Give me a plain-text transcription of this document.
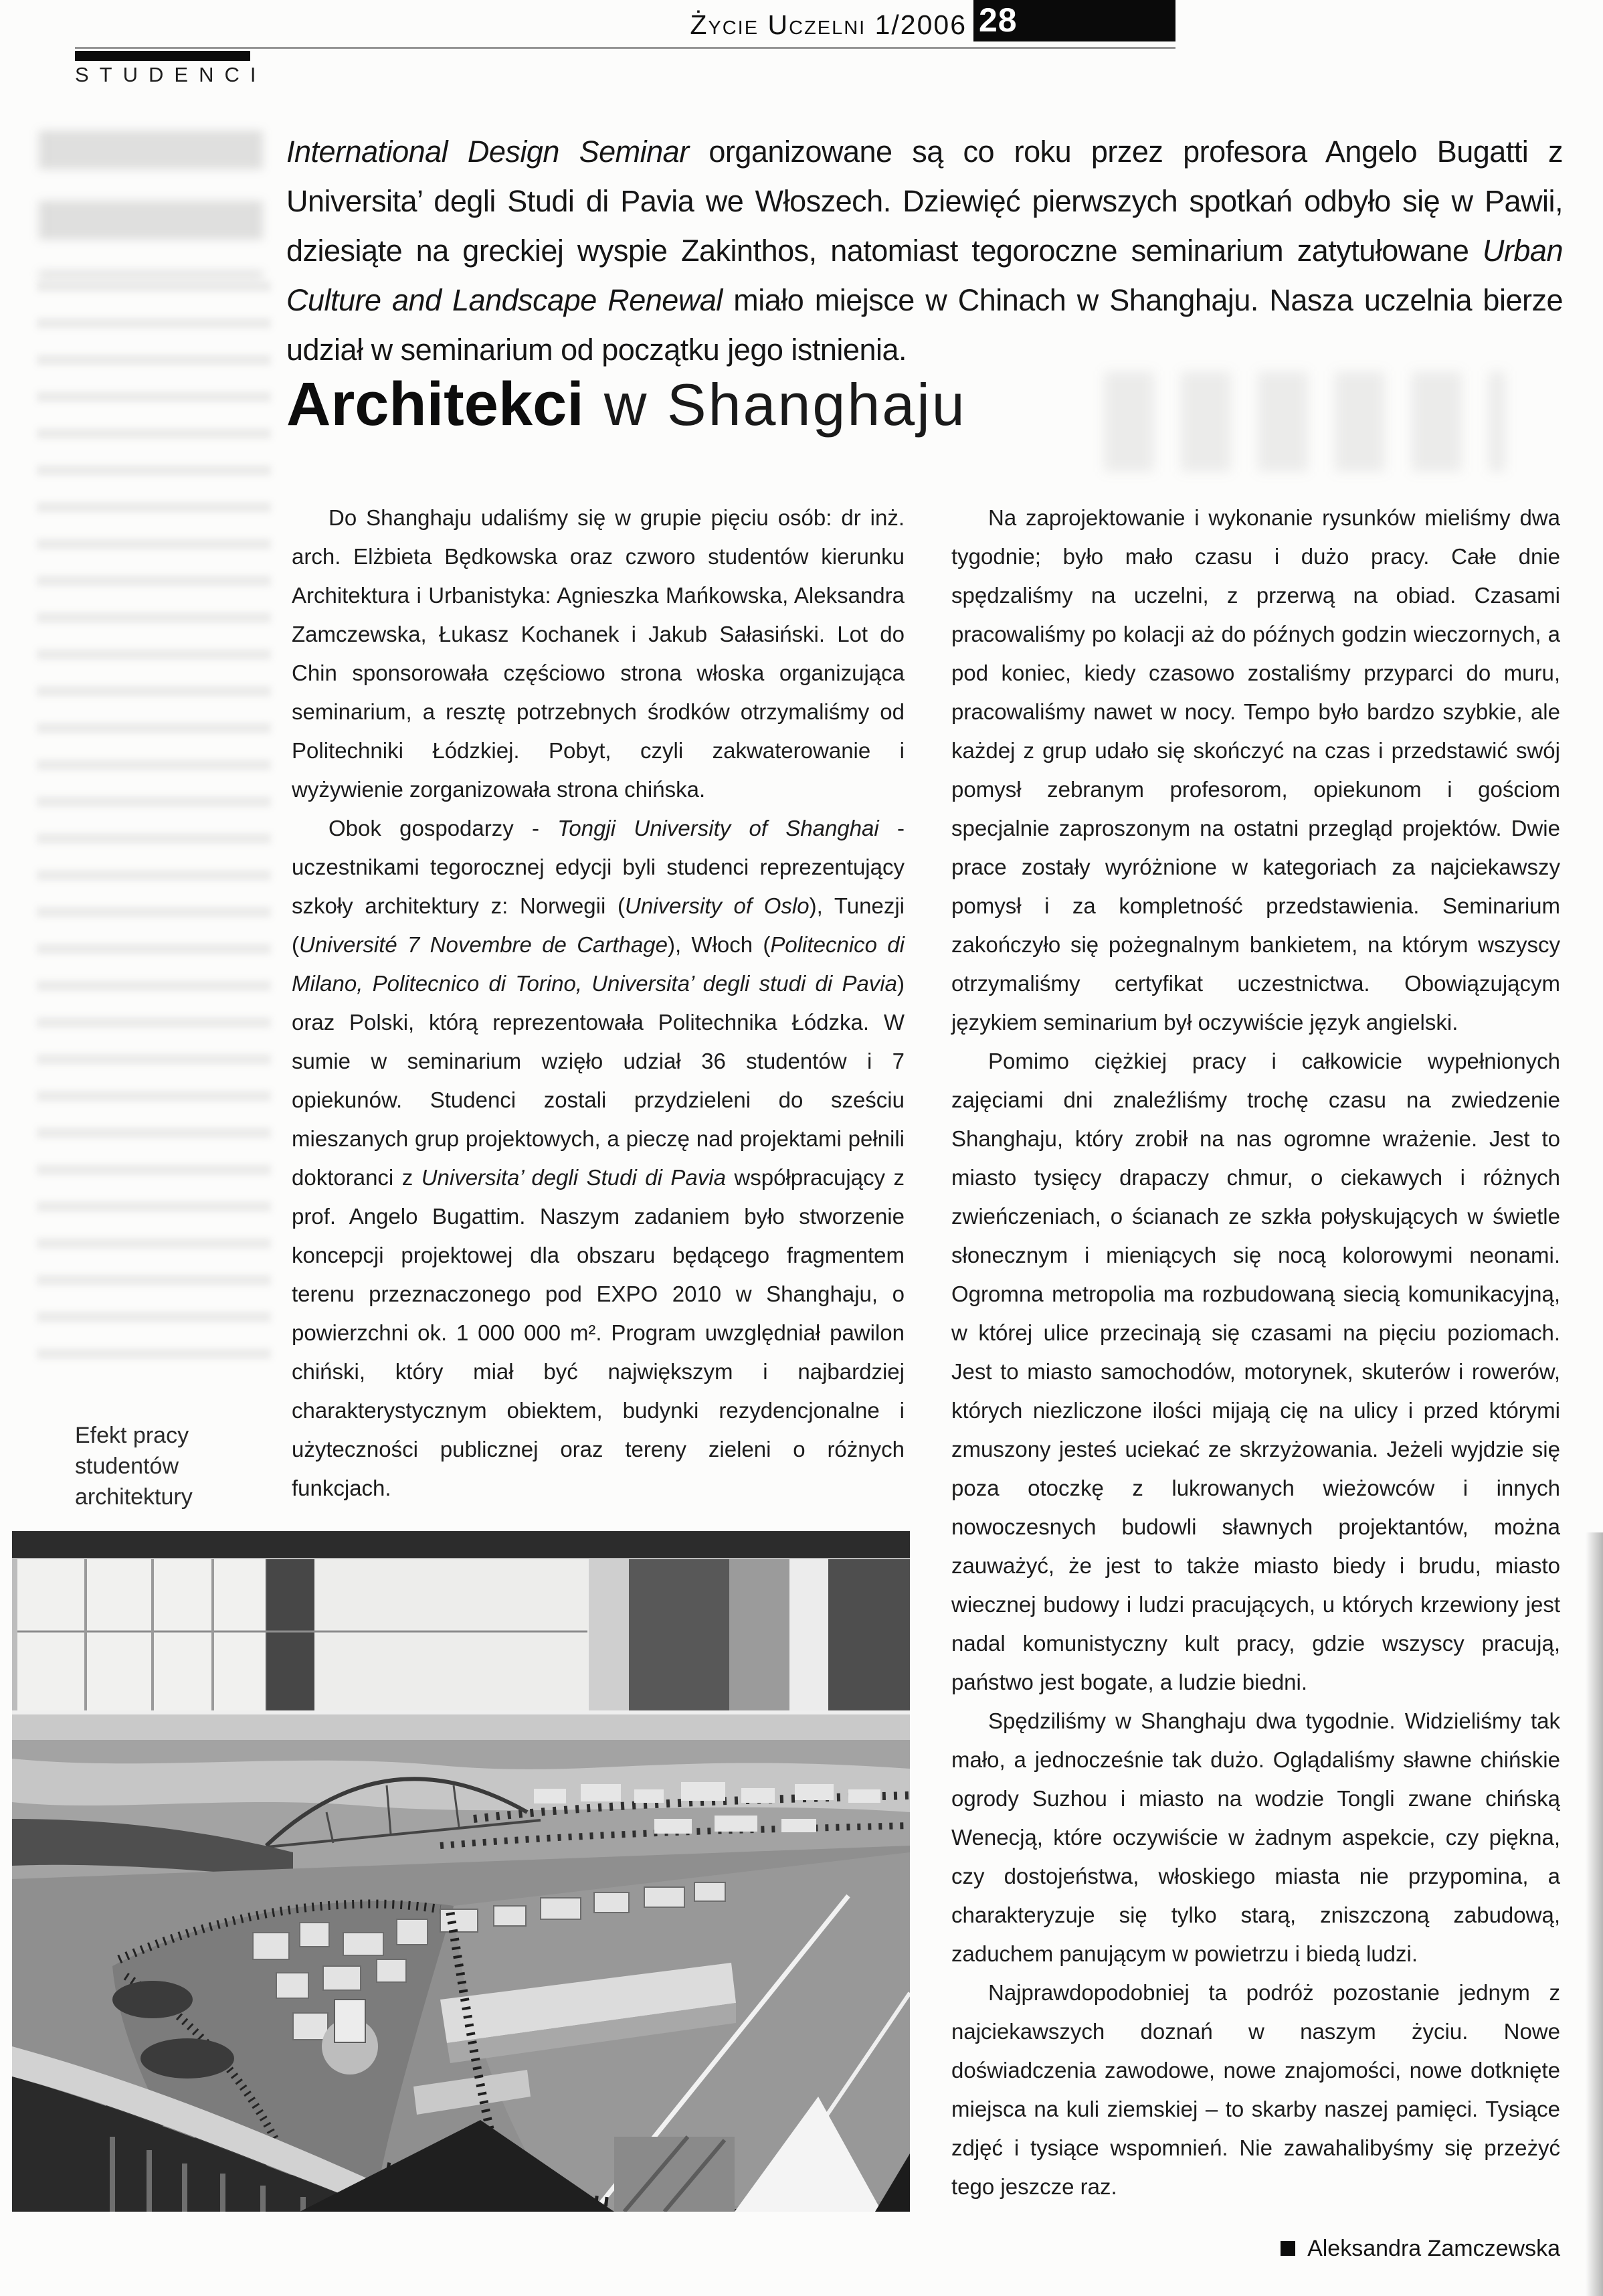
Życie Uczelni 1/2006 28
STUDENCI
International Design Seminar organizowane są co roku przez profesora Angelo Bugatti z Universita’ degli Studi di Pavia we Włoszech. Dziewięć pierwszych spotkań odbyło się w Pawii, dziesiąte na greckiej wyspie Zakinthos, natomiast tegoroczne seminarium zatytułowane Urban Culture and Landscape Renewal miało miejsce w Chinach w Shanghaju. Nasza uczelnia bierze udział w seminarium od początku jego istnienia.
Architekci w Shanghaju

Do Shanghaju udaliśmy się w grupie pięciu osób: dr inż. arch. Elżbieta Będkowska oraz czworo studentów kierunku Architektura i Urbanistyka: Agnieszka Mańkowska, Aleksandra Zamczewska, Łukasz Kochanek i Jakub Sałasiński. Lot do Chin sponsorowała częściowo strona włoska organizująca seminarium, a resztę potrzebnych środków otrzymaliśmy od Politechniki Łódzkiej. Pobyt, czyli zakwaterowanie i wyżywienie zorganizowała strona chińska.

Obok gospodarzy - Tongji University of Shanghai - uczestnikami tegorocznej edycji byli studenci reprezentujący szkoły architektury z: Norwegii (University of Oslo), Tunezji (Université 7 Novembre de Carthage), Włoch (Politecnico di Milano, Politecnico di Torino, Universita’ degli studi di Pavia) oraz Polski, którą reprezentowała Politechnika Łódzka. W sumie w seminarium wzięło udział 36 studentów i 7 opiekunów. Studenci zostali przydzieleni do sześciu mieszanych grup projektowych, a pieczę nad projektami pełnili doktoranci z Universita’ degli Studi di Pavia współpracujący z prof. Angelo Bugattim. Naszym zadaniem było stworzenie koncepcji projektowej dla obszaru będącego fragmentem terenu przeznaczonego pod EXPO 2010 w Shanghaju, o powierzchni ok. 1 000 000 m². Program uwzględniał pawilon chiński, który miał być największym i najbardziej charakterystycznym obiektem, budynki rezydencjonalne i użyteczności publicznej oraz tereny zieleni o różnych funkcjach.

Na zaprojektowanie i wykonanie rysunków mieliśmy dwa tygodnie; było mało czasu i dużo pracy. Całe dnie spędzaliśmy na uczelni, z przerwą na obiad. Czasami pracowaliśmy po kolacji aż do późnych godzin wieczornych, a pod koniec, kiedy czasowo zostaliśmy przyparci do muru, pracowaliśmy nawet w nocy. Tempo było bardzo szybkie, ale każdej z grup udało się skończyć na czas i przedstawić swój pomysł zebranym profesorom, opiekunom i gościom specjalnie zaproszonym na ostatni przegląd projektów. Dwie prace zostały wyróżnione w kategoriach za najciekawszy pomysł i za kompletność przedstawienia. Seminarium zakończyło się pożegnalnym bankietem, na którym wszyscy otrzymaliśmy certyfikat uczestnictwa. Obowiązującym językiem seminarium był oczywiście język angielski.

Pomimo ciężkiej pracy i całkowicie wypełnionych zajęciami dni znaleźliśmy trochę czasu na zwiedzenie Shanghaju, który zrobił na nas ogromne wrażenie. Jest to miasto tysięcy drapaczy chmur, o ciekawych i różnych zwieńczeniach, o ścianach ze szkła połyskujących w świetle słonecznym i mieniących się nocą kolorowymi neonami. Ogromna metropolia ma rozbudowaną siecią komunikacyjną, w której ulice przecinają się czasami na pięciu poziomach. Jest to miasto samochodów, motorynek, skuterów i rowerów, których niezliczone ilości mijają cię na ulicy i przed którymi zmuszony jesteś uciekać ze skrzyżowania. Jeżeli wyjdzie się poza otoczkę z lukrowanych wieżowców i innych nowoczesnych budowli sławnych projektantów, można zauważyć, że jest to także miasto biedy i brudu, miasto wiecznej budowy i ludzi pracujących, u których krzewiony jest nadal komunistyczny kult pracy, gdzie wszyscy pracują, państwo jest bogate, a ludzie biedni.

Spędziliśmy w Shanghaju dwa tygodnie. Widzieliśmy tak mało, a jednocześnie tak dużo. Oglądaliśmy sławne chińskie ogrody Suzhou i miasto na wodzie Tongli zwane chińską Wenecją, które oczywiście w żadnym aspekcie, czy piękna, czy dostojeństwa, włoskiego miasta nie przypomina, a charakteryzuje się tylko starą, zniszczoną zabudową, zaduchem panującym w powietrzu i biedą ludzi.

Najprawdopodobniej ta podróż pozostanie jednym z najciekawszych doznań w naszym życiu. Nowe doświadczenia zawodowe, nowe znajomości, nowe dotknięte miejsca na kuli ziemskiej – to skarby naszej pamięci. Tysiące zdjęć i tysiące wspomnień. Nie zawahalibyśmy się przeżyć tego jeszcze raz.

Aleksandra Zamczewska
Efekt pracy
studentów
architektury
